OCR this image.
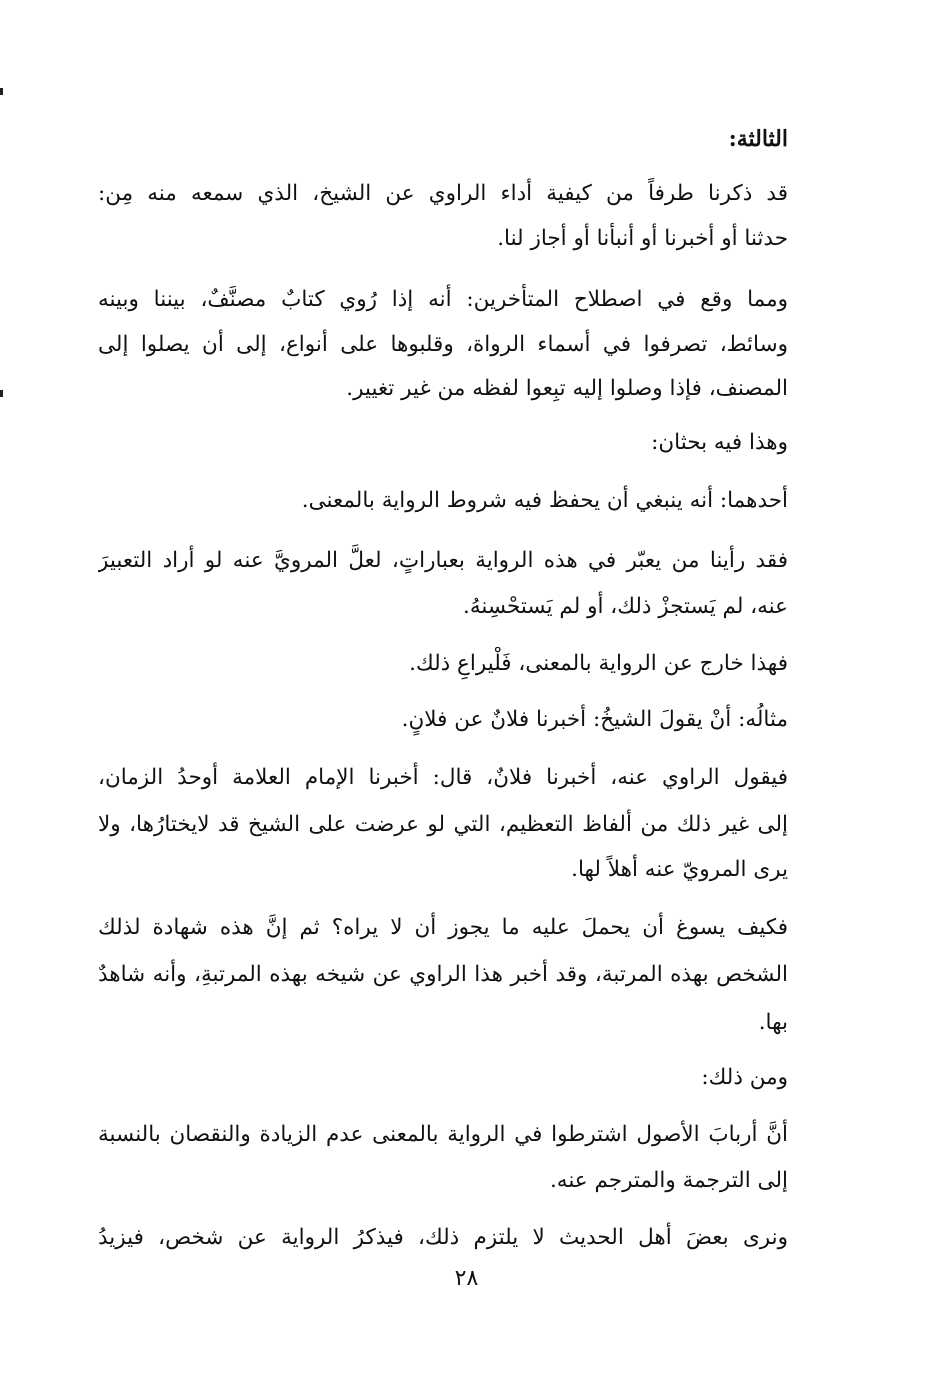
الثالثة:
قد ذكرنا طرفاً من كيفية أداء الراوي عن الشيخ، الذي سمعه منه مِن:
حدثنا أو أخبرنا أو أنبأنا أو أجاز لنا.
ومما وقع في اصطلاح المتأخرين: أنه إذا رُوي كتابٌ مصنَّفٌ، بيننا وبينه
وسائط، تصرفوا في أسماء الرواة، وقلبوها على أنواع، إلى أن يصلوا إلى
المصنف، فإذا وصلوا إليه تبِعوا لفظه من غير تغيير.
وهذا فيه بحثان:
أحدهما: أنه ينبغي أن يحفظ فيه شروط الرواية بالمعنى.
فقد رأينا من يعبّر في هذه الرواية بعباراتٍ، لعلَّ المرويَّ عنه لو أراد التعبيرَ
عنه، لم يَستجزْ ذلك، أو لم يَستحْسِنهُ.
فهذا خارج عن الرواية بالمعنى، فَلْيراعِ ذلك.
مثالُه: أنْ يقولَ الشيخُ: أخبرنا فلانٌ عن فلانٍ.
فيقول الراوي عنه، أخبرنا فلانٌ، قال: أخبرنا الإمام العلامة أوحدُ الزمان،
إلى غير ذلك من ألفاظ التعظيم، التي لو عرضت على الشيخ قد لايختارُها، ولا
يرى المرويّ عنه أهلاً لها.
فكيف يسوغ أن يحملَ عليه ما يجوز أن لا يراه؟ ثم إنَّ هذه شهادة لذلك
الشخص بهذه المرتبة، وقد أخبر هذا الراوي عن شيخه بهذه المرتبةِ، وأنه شاهدٌ
بها.
ومن ذلك:
أنَّ أربابَ الأصول اشترطوا في الرواية بالمعنى عدم الزيادة والنقصان بالنسبة
إلى الترجمة والمترجم عنه.
ونرى بعضَ أهل الحديث لا يلتزم ذلك، فيذكرُ الرواية عن شخص، فيزيدُ
٢٨
